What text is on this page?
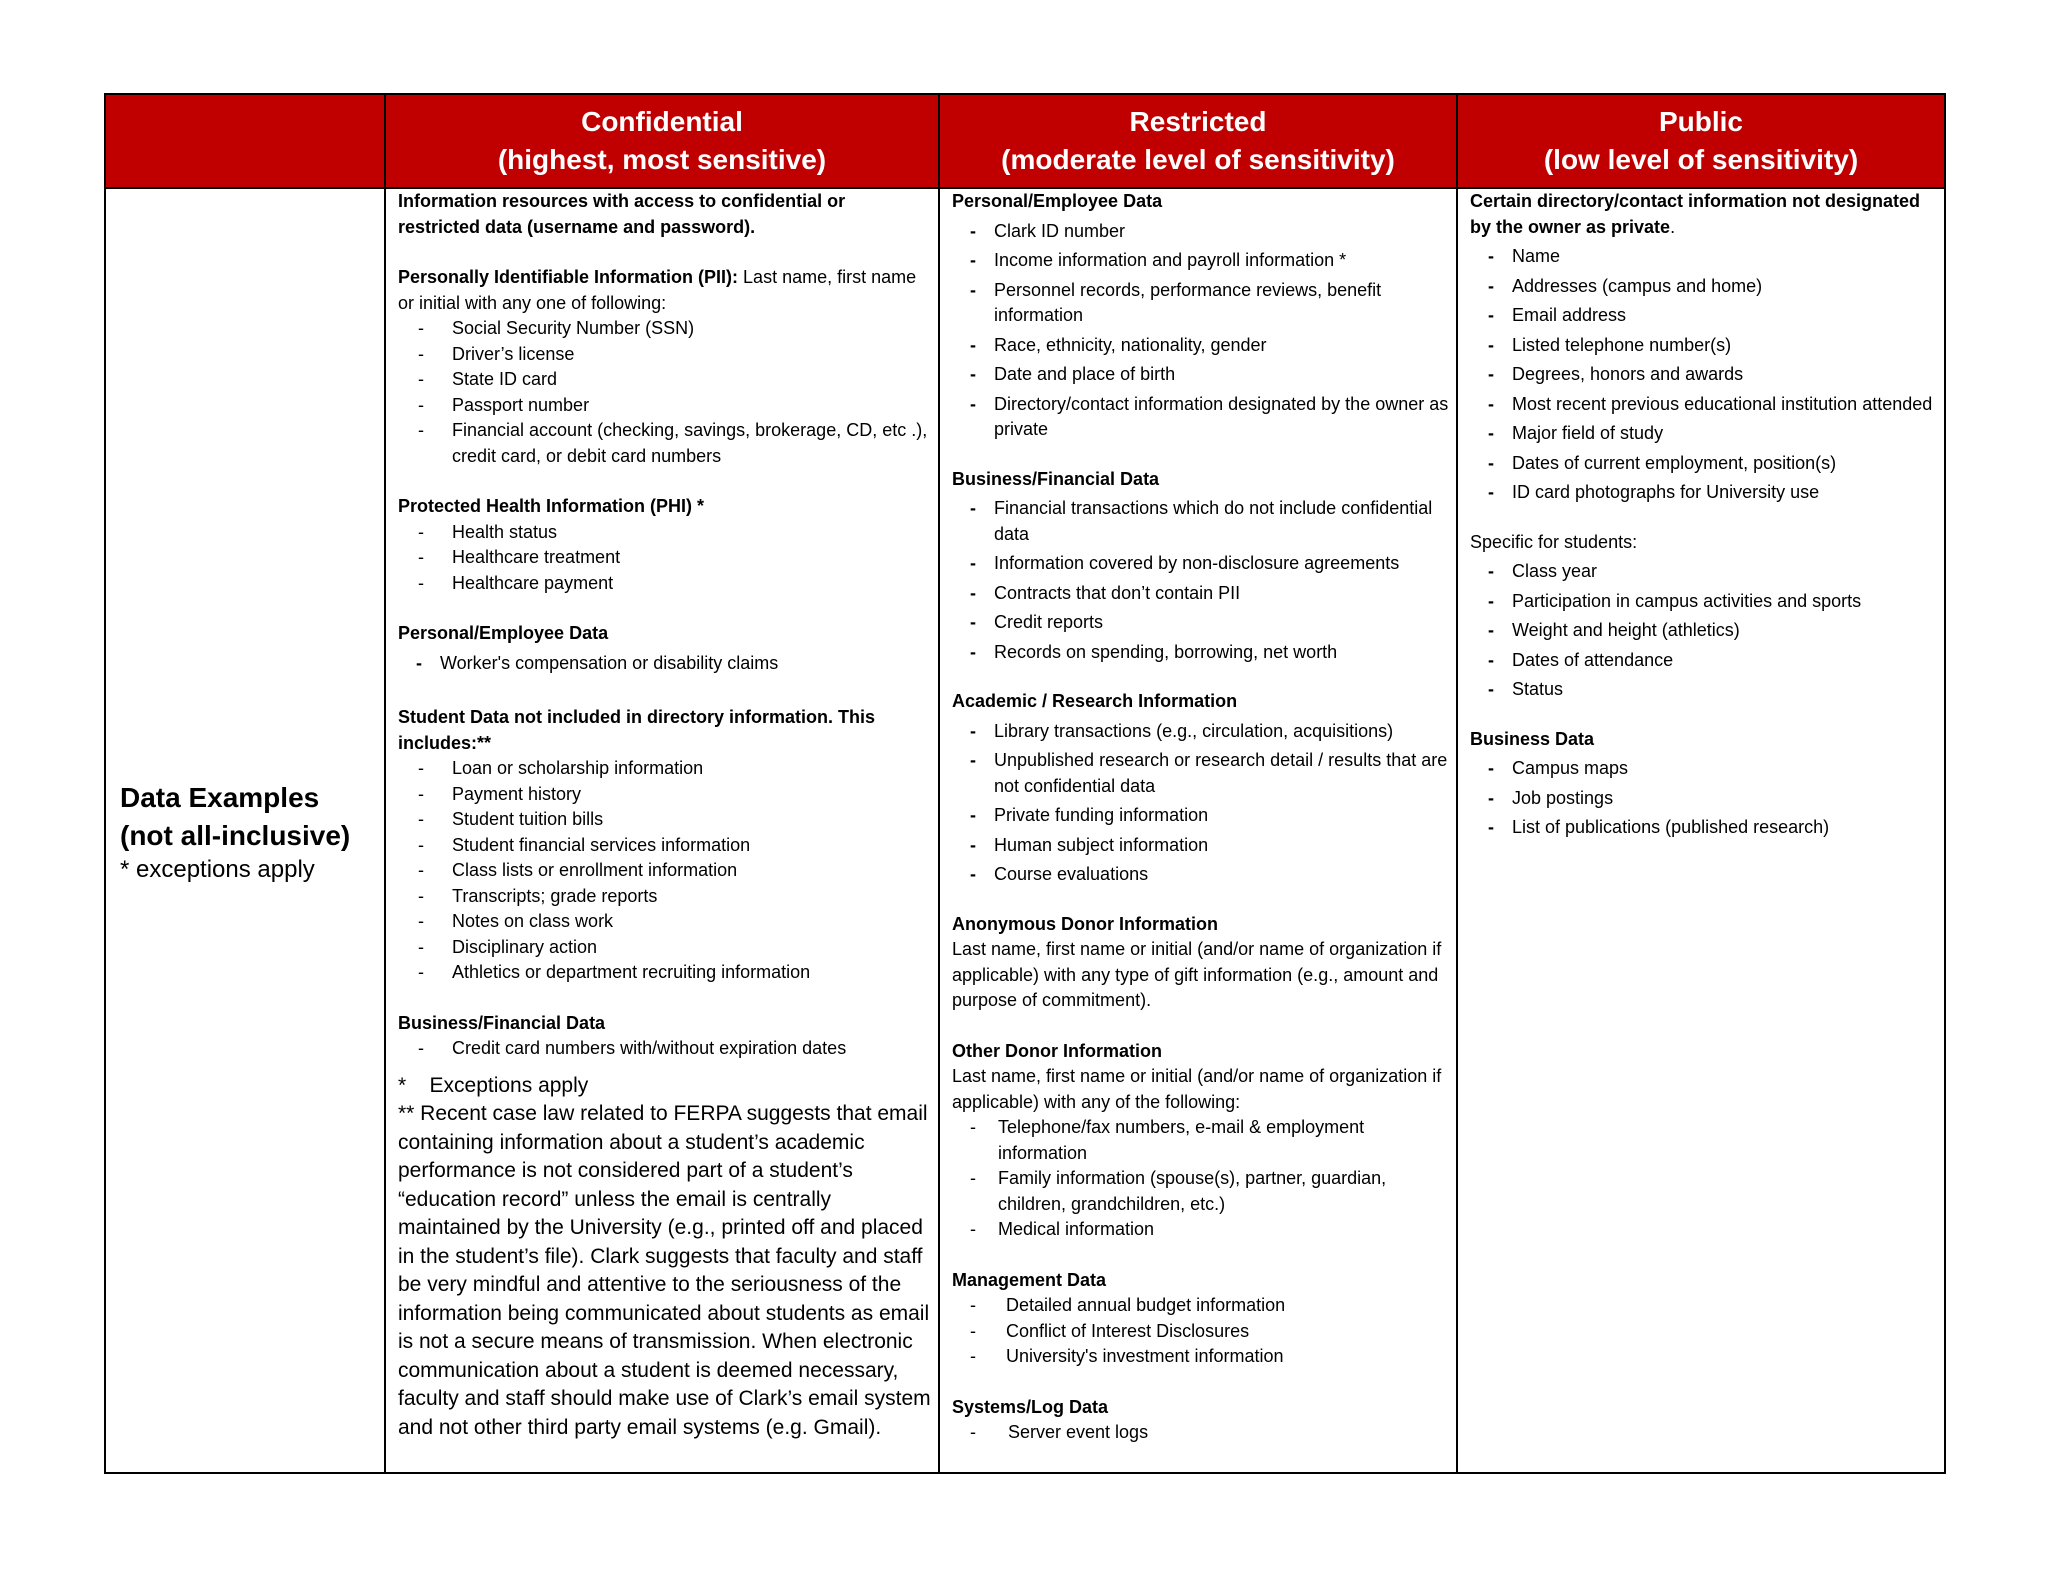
Confidential
(highest, most sensitive)
Restricted
(moderate level of sensitivity)
Public
(low level of sensitivity)
Data Examples
(not all-inclusive)
* exceptions apply
Information resources with access to confidential or restricted data (username and password).
Personally Identifiable Information (PII): Last name, first name or initial with any one of following:
- Social Security Number (SSN)
- Driver’s license
- State ID card
- Passport number
- Financial account (checking, savings, brokerage, CD, etc .), credit card, or debit card numbers
Protected Health Information (PHI) *
- Health status
- Healthcare treatment
- Healthcare payment
Personal/Employee Data
- Worker's compensation or disability claims
Student Data not included in directory information. This includes:**
- Loan or scholarship information
- Payment history
- Student tuition bills
- Student financial services information
- Class lists or enrollment information
- Transcripts; grade reports
- Notes on class work
- Disciplinary action
- Athletics or department recruiting information
Business/Financial Data
- Credit card numbers with/without expiration dates
*    Exceptions apply
** Recent case law related to FERPA suggests that email containing information about a student’s academic performance is not considered part of a student’s “education record” unless the email is centrally maintained by the University (e.g., printed off and placed in the student’s file). Clark suggests that faculty and staff be very mindful and attentive to the seriousness of the information being communicated about students as email is not a secure means of transmission. When electronic communication about a student is deemed necessary, faculty and staff should make use of Clark’s email system and not other third party email systems (e.g. Gmail).
Personal/Employee Data
- Clark ID number
- Income information and payroll information *
- Personnel records, performance reviews, benefit information
- Race, ethnicity, nationality, gender
- Date and place of birth
- Directory/contact information designated by the owner as private
Business/Financial Data
- Financial transactions which do not include confidential data
- Information covered by non-disclosure agreements
- Contracts that don’t contain PII
- Credit reports
- Records on spending, borrowing, net worth
Academic / Research Information
- Library transactions (e.g., circulation, acquisitions)
- Unpublished research or research detail / results that are not confidential data
- Private funding information
- Human subject information
- Course evaluations
Anonymous Donor Information
Last name, first name or initial (and/or name of organization if applicable) with any type of gift information (e.g., amount and purpose of commitment).
Other Donor Information
Last name, first name or initial (and/or name of organization if applicable) with any of the following:
- Telephone/fax numbers, e-mail & employment information
- Family information (spouse(s), partner, guardian, children, grandchildren, etc.)
- Medical information
Management Data
- Detailed annual budget information
- Conflict of Interest Disclosures
- University's investment information
Systems/Log Data
- Server event logs
Certain directory/contact information not designated by the owner as private.
- Name
- Addresses (campus and home)
- Email address
- Listed telephone number(s)
- Degrees, honors and awards
- Most recent previous educational institution attended
- Major field of study
- Dates of current employment, position(s)
- ID card photographs for University use
Specific for students:
- Class year
- Participation in campus activities and sports
- Weight and height (athletics)
- Dates of attendance
- Status
Business Data
- Campus maps
- Job postings
- List of publications (published research)
